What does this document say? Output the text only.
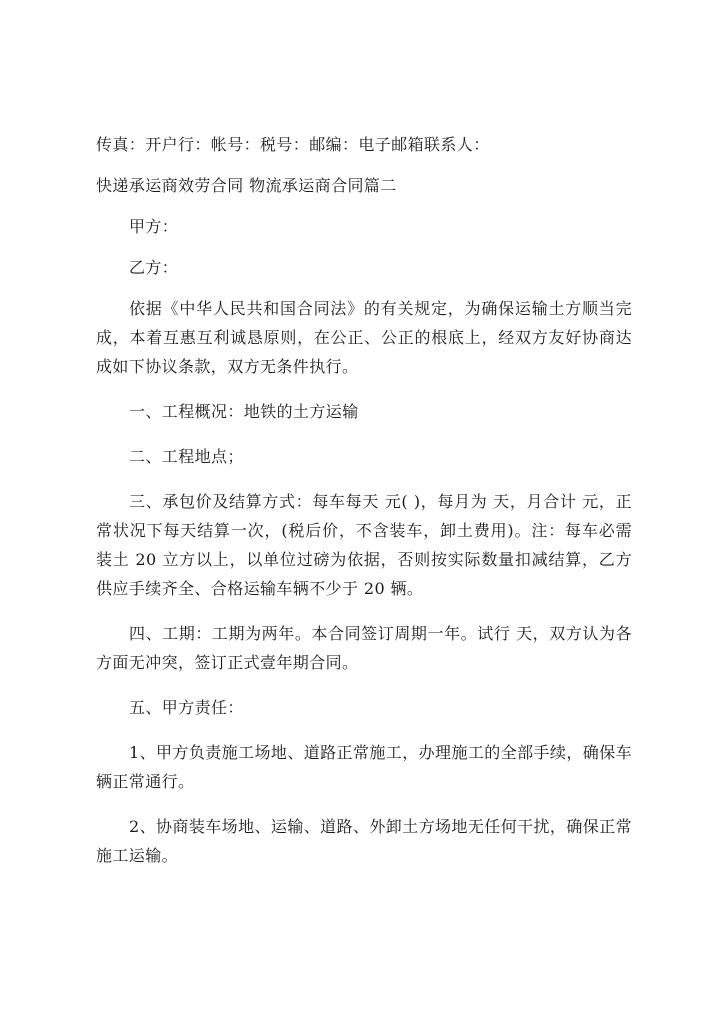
传真：开户行：帐号：税号：邮编：电子邮箱联系人：

快递承运商效劳合同 物流承运商合同篇二

甲方：

乙方：

依据《中华人民共和国合同法》的有关规定，为确保运输土方顺当完成，本着互惠互利诚恳原则，在公正、公正的根底上，经双方友好协商达成如下协议条款，双方无条件执行。

一、工程概况：地铁的土方运输

二、工程地点；

三、承包价及结算方式：每车每天 元( )，每月为 天，月合计 元，正常状况下每天结算一次，(税后价，不含装车，卸土费用)。注：每车必需装土 20 立方以上，以单位过磅为依据，否则按实际数量扣减结算，乙方供应手续齐全、合格运输车辆不少于 20 辆。

四、工期：工期为两年。本合同签订周期一年。试行 天，双方认为各方面无冲突，签订正式壹年期合同。

五、甲方责任：

1、甲方负责施工场地、道路正常施工，办理施工的全部手续，确保车辆正常通行。

2、协商装车场地、运输、道路、外卸土方场地无任何干扰，确保正常施工运输。
